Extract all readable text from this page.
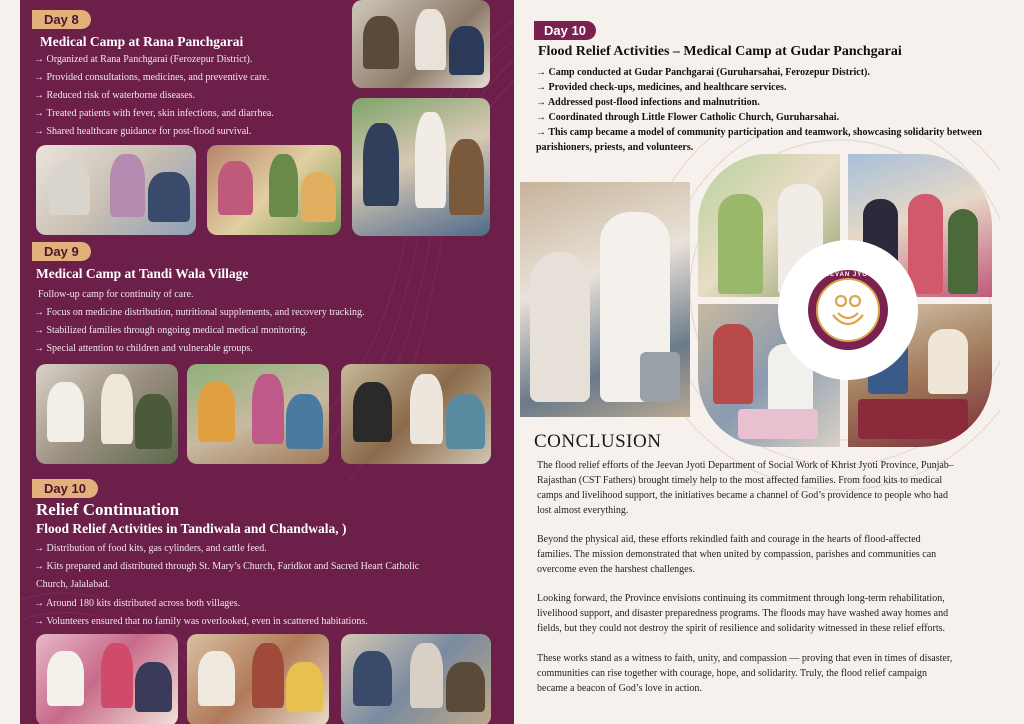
Day 8
Medical Camp at Rana Panchgarai
→ Organized at Rana Panchgarai (Ferozepur District).
→ Provided consultations, medicines, and preventive care.
→ Reduced risk of waterborne diseases.
→ Treated patients with fever, skin infections, and diarrhea.
→ Shared healthcare guidance for post-flood survival.
Day 9
Medical Camp at Tandi Wala Village
Follow-up camp for continuity of care.
→ Focus on medicine distribution, nutritional supplements, and recovery tracking.
→ Stabilized families through ongoing medical medical monitoring.
→ Special attention to children and vulnerable groups.
Day 10
Relief Continuation
Flood Relief Activities in Tandiwala and Chandwala, )
→ Distribution of food kits, gas cylinders, and cattle feed.
→ Kits prepared and distributed through St. Mary’s Church, Faridkot and Sacred Heart Catholic
Church, Jalalabad.
→ Around 180 kits distributed across both villages.
→ Volunteers ensured that no family was overlooked, even in scattered habitations.
Day 10
Flood Relief Activities – Medical Camp at Gudar Panchgarai
→ Camp conducted at Gudar Panchgarai (Guruharsahai, Ferozepur District).
→ Provided check-ups, medicines, and healthcare services.
→ Addressed post-flood infections and malnutrition.
→ Coordinated through Little Flower Catholic Church, Guruharsahai.
→ This camp became a model of community participation and teamwork, showcasing solidarity between
parishioners, priests, and volunteers.
JEEVAN JYOTI
CONCLUSION
The flood relief efforts of the Jeevan Jyoti Department of Social Work of Khrist Jyoti Province, Punjab–
Rajasthan (CST Fathers) brought timely help to the most affected families. From food kits to medical
camps and livelihood support, the initiatives became a channel of God’s providence to people who had
lost almost everything.
Beyond the physical aid, these efforts rekindled faith and courage in the hearts of flood-affected
families. The mission demonstrated that when united by compassion, parishes and communities can
overcome even the harshest challenges.
Looking forward, the Province envisions continuing its commitment through long-term rehabilitation,
livelihood support, and disaster preparedness programs. The floods may have washed away homes and
fields, but they could not destroy the spirit of resilience and solidarity witnessed in these relief efforts.
These works stand as a witness to faith, unity, and compassion — proving that even in times of disaster,
communities can rise together with courage, hope, and solidarity. Truly, the flood relief campaign
became a beacon of God’s love in action.
